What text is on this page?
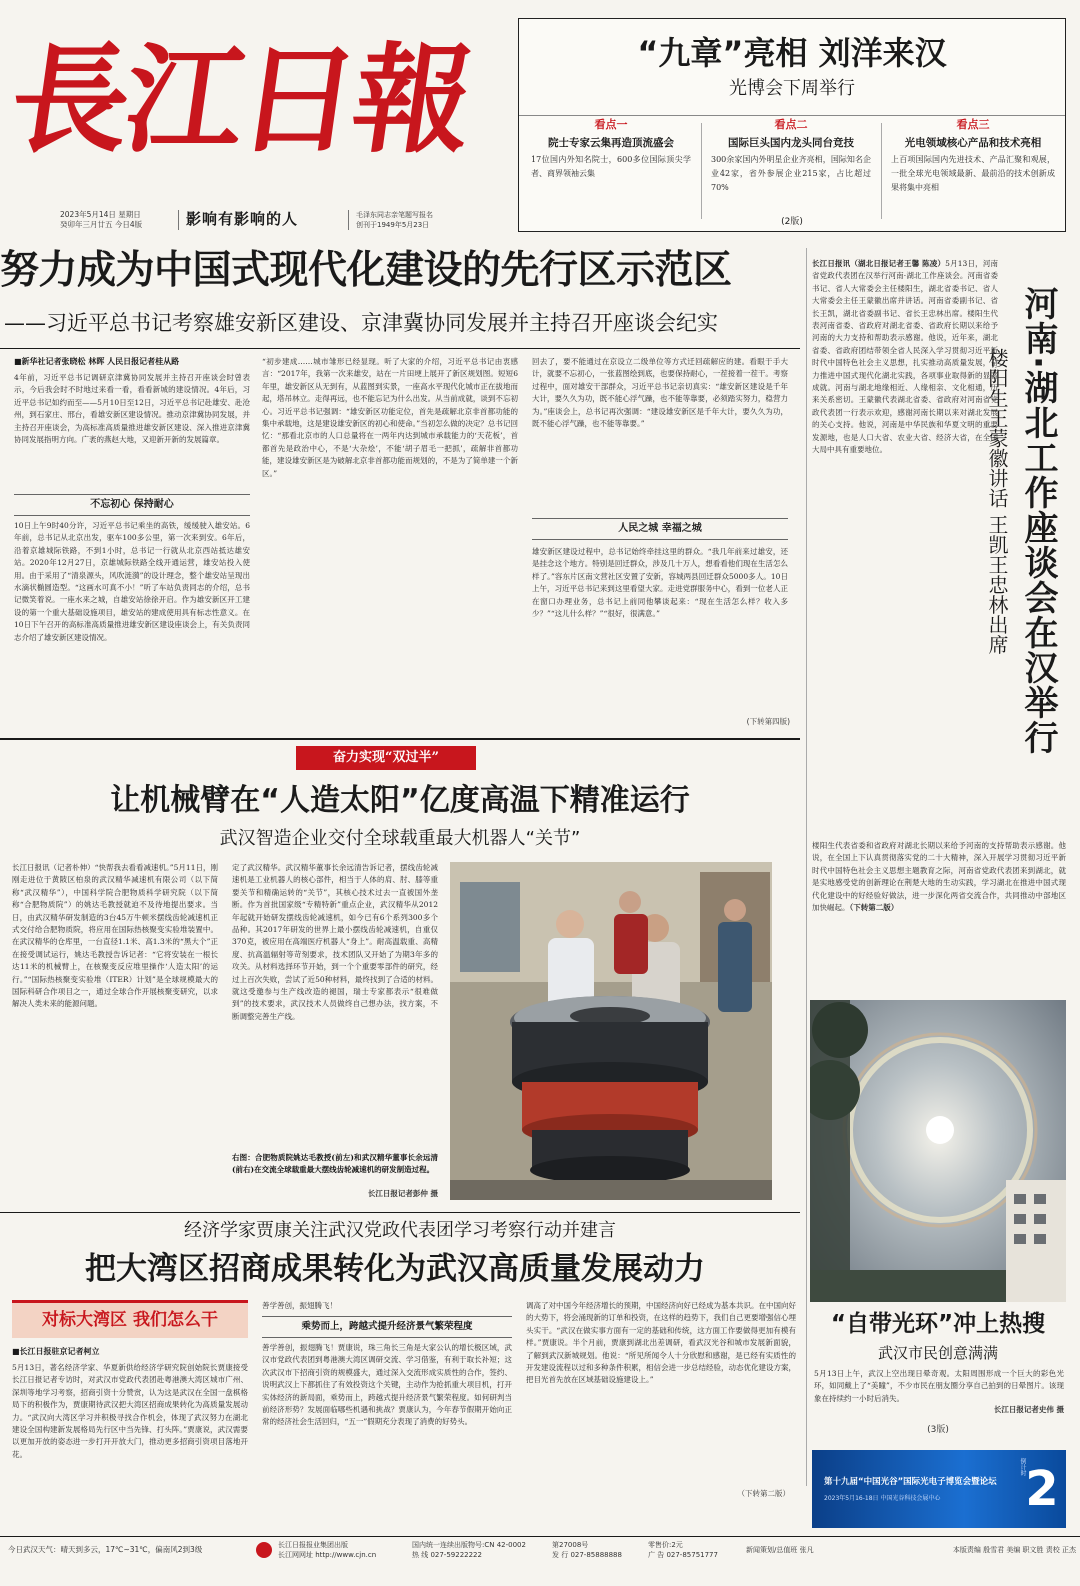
長江日報
2023年5月14日 星期日
癸卯年三月廿五 今日4版	影响有影响的人	毛泽东同志亲笔题写报名
创刊于1949年5月23日
“九章”亮相 刘洋来汉
光博会下周举行
看点一
院士专家云集再造顶流盛会
17位国内外知名院士，600多位国际顶尖学者、商界领袖云集
看点二
国际巨头国内龙头同台竞技
300余家国内外明星企业齐亮相，国际知名企业42家，省外参展企业215家，占比超过70%
看点三
光电领域核心产品和技术亮相
上百项国际国内先进技术、产品汇聚和观展，一批全球光电领域最新、最前沿的技术创新成果将集中亮相
(2版)
努力成为中国式现代化建设的先行区示范区
——习近平总书记考察雄安新区建设、京津冀协同发展并主持召开座谈会纪实
■新华社记者张晓松 林晖 人民日报记者桂从路
4年前，习近平总书记调研京津冀协同发展并主持召开座谈会时曾表示，今后我会时不时地过来看一看，看看新城的建设情况。4年后，习近平总书记如约而至——5月10日至12日，习近平总书记赴雄安、赴沧州，到石家庄、邢台，看雄安新区建设情况。推动京津冀协同发展，并主持召开座谈会，为高标准高质量推进雄安新区建设、深入推进京津冀协同发展指明方向。广袤的燕赵大地，又迎新开新的发展篇章。
不忘初心 保持耐心
10日上午9时40分许，习近平总书记乘坐的高铁，缓缓驶入雄安站。6年前，总书记从北京出发，驱车100多公里，第一次来到安。6年后，沿着京雄城际铁路，不到1小时，总书记一行就从北京西站抵达雄安站。2020年12月27日，京雄城际铁路全线开通运营，雄安站投入使用。由于采用了“清泉源头，风吹涟漪”的设计理念，整个雄安站呈现出水滴状椭圆造型。“这画水可真不小！”听了车站负责同志的介绍，总书记微笑着说。一座水来之城，自雄安站徐徐开启。作为雄安新区开工建设的第一个重大基础设施项目，雄安站的建成使用具有标志性意义。在10日下午召开的高标准高质量推进雄安新区建设座谈会上，有关负责同志介绍了雄安新区建设情况。
“初步建成……城市雏形已经显现。听了大家的介绍，习近平总书记由衷感言：“2017年，我第一次来雄安，站在一片田埂上展开了新区规划图。短短6年里，雄安新区从无到有，从蓝图到实景，一座高水平现代化城市正在拔地而起，塔吊林立。走得再远，也不能忘记为什么出发。从当前成就，谈到不忘初心。习近平总书记强调：“雄安新区功能定位，首先是疏解北京非首都功能的集中承载地，这是建设雄安新区的初心和使命。”当初怎么做的决定？总书记回忆：“那看北京市的人口总量将在一两年内达到城市承载能力的‘天花板’，首都首先是政治中心，不是‘大杂烩’，不能‘胡子眉毛一把抓’，疏解非首都功能，建设雄安新区是为破解北京非首都功能而规划的，不是为了简单建一个新区。”
回去了，要不能通过在京设立二级单位等方式迁回疏解应的建。看眼于手大计，就要不忘初心，一张蓝图绘到底，也要保持耐心，一茬接着一茬干。考察过程中，面对雄安干部群众，习近平总书记亲切真实：“雄安新区建设是千年大计，要久久为功，既不能心浮气躁，也不能等靠要，必须踏实努力，稳营力为。”座谈会上，总书记再次强调：“建设雄安新区是千年大计，要久久为功，既不能心浮气躁，也不能等靠要。”
人民之城 幸福之城
雄安新区建设过程中，总书记始终牵挂这里的群众。“我几年前来过雄安，还是挂念这个地方。特别是回迁群众，涉及几十万人，想看看他们现在生活怎么样了。”容东片区南文营社区安置了安新，容城两县回迁群众5000多人。10日上午，习近平总书记来到这里看望大家。走进党群服务中心，看到一位老人正在窗口办理业务，总书记上前同他攀谈起来：“现在生活怎么样？收入多少？”“这儿什么样？”“很好，很满意。”
(下转第四版)
长江日报讯（湖北日报记者王馨 陈凌）5月13日，河南省党政代表团在汉举行河南·湖北工作座谈会。河南省委书记、省人大常委会主任楼阳生，湖北省委书记、省人大常委会主任王蒙徽出席并讲话。河南省委副书记、省长王凯，湖北省委副书记、省长王忠林出席。楼阳生代表河南省委、省政府对湖北省委、省政府长期以来给予河南的大力支持和帮助表示感谢。他说，近年来，湖北省委、省政府团结带领全省人民深入学习贯彻习近平新时代中国特色社会主义思想，扎实推动高质量发展，奋力推进中国式现代化湖北实践，各项事业取得新的显著成就。河南与湖北地缘相近、人缘相亲、文化相通，历来关系密切。王蒙徽代表湖北省委、省政府对河南省党政代表团一行表示欢迎，感谢河南长期以来对湖北发展的关心支持。他说，河南是中华民族和华夏文明的重要发源地，也是人口大省、农业大省、经济大省，在全国大局中具有重要地位。	河南·湖北工作座谈会在汉举行
楼阳生王蒙徽讲话 王凯王忠林出席
楼阳生代表省委和省政府对湖北长期以来给予河南的支持帮助表示感谢。他说，在全国上下认真贯彻落实党的二十大精神，深入开展学习贯彻习近平新时代中国特色社会主义思想主题教育之际，河南省党政代表团来到湖北，就是实地感受党的创新理论在荆楚大地的生动实践，学习湖北在推进中国式现代化建设中的好经验好做法，进一步深化两省交流合作，共同推动中部地区加快崛起。（下转第二版）
奋力实现“双过半”
让机械臂在“人造太阳”亿度高温下精准运行
武汉智造企业交付全球载重最大机器人“关节”
长江日报讯（记者朴伸）“快帮我去看看减速机。”5月11日，刚刚走进位于黄陂区柏泉的武汉精华减速机有限公司（以下简称“武汉精华”），中国科学院合肥物质科学研究院（以下简称“合肥物质院”）的姚达毛教授就迫不及待地提出要求。当日，由武汉精华研发制造的3台45万牛顿米摆线齿轮减速机正式交付给合肥物质院，将应用在国际热核聚变实验堆装置中。在武汉精华的仓库里，一台直径1.1米、高1.3米的“黑大个”正在接受调试运行，姚达毛教授告诉记者：“它将安装在一根长达11米的机械臂上，在核聚变反应堆里操作‘人造太阳’的运行。”“国际热核聚变实验堆（ITER）计划”是全球规模最大的国际科研合作项目之一，通过全球合作开展核聚变研究，以求解决人类未来的能源问题。
定了武汉精华。武汉精华董事长余远清告诉记者，摆线齿轮减速机是工业机器人的核心部件，相当于人体的肩、肘、膝等重要关节和精确运转的“关节”，其核心技术过去一直被国外垄断。作为首批国家级“专精特新”重点企业，武汉精华从2012年起就开始研发摆线齿轮减速机，如今已有6个系列300多个品种。其2017年研发的世界上最小摆线齿轮减速机，自重仅370克，被应用在高端医疗机器人“身上”。耐高温载重、高精度、抗高温辐射等苛刻要求，技术团队又开始了为期3年多的攻关。从材料选择环节开始，到一个个重要零部件的研究，经过上百次失败，尝试了近50种材料，最终找到了合适的材料。就这受邀参与生产线改造的褪国，瑞士专家都表示“很难做到”的技术要求，武汉技术人员做终自己想办法，找方案，不断调整完善生产线。
右图：合肥物质院姚达毛教授(前左)和武汉精华董事长余远清(前右)在交流全球载重最大摆线齿轮减速机的研发制造过程。
长江日报记者彭仲 摄
经济学家贾康关注武汉党政代表团学习考察行动并建言
把大湾区招商成果转化为武汉高质量发展动力
对标大湾区 我们怎么干
■长江日报驻京记者柯立
5月13日，著名经济学家、华夏新供给经济学研究院创始院长贾康接受长江日报记者专访时，对武汉市党政代表团赴粤港澳大湾区城市广州、深圳等地学习考察，招商引资十分赞赏，认为这是武汉在全国一盘棋格局下的积极作为，贾康期待武汉把大湾区招商成果转化为高质量发展动力。“武汉向大湾区学习并积极寻找合作机会，体现了武汉努力在湖北建设全国构建新发展格局先行区中当先锋、打头阵。”贾康说，武汉需要以更加开放的姿态进一步打开开放大门，推动更多招商引资项目落地开花。
善学善创，振翅腾飞！
乘势而上，跨越式提升经济景气繁荣程度
善学善创，振翅腾飞！贾康说，珠三角长三角是大家公认的增长极区域，武汉市党政代表团到粤港澳大湾区调研交流、学习借鉴，有利于取长补短；这次武汉市下招商引资的规模盛大，通过深入交流形成实质性的合作，签约、说明武汉上下都抓住了有效投资这个关键，主动作为抢抓重大项目机，打开实体经济的新局面，乘势而上，跨越式提升经济景气繁荣程度。如何研判当前经济形势？发展面临哪些机遇和挑战？贾康认为，今年春节假期开始向正常的经济社会生活回归，“五一”假期充分表现了消费的好势头。
调高了对中国今年经济增长的预期，中国经济向好已经成为基本共识。在中国向好的大势下，将会涌现新的订单和投资，在这样的趋势下，我们自己更要增强信心埋头实干。“武汉在做实事方面有一定的基础和传统，这方面工作要做得更加有模有样。”贾康说。半个月前，贾康到湖北出差调研，看武汉光谷和城市发展新面貌，了解到武汉新城规划。他说：“所见所闻令人十分欣慰和感谢，是已经有实质性的开发建设流程以过和多种条件积累，相信会进一步总结经验，动态优化建设方案，把目光首先放在区域基础设施建设上。”
（下转第二版）
“自带光环”冲上热搜
武汉市民创意满满
5月13日上午，武汉上空出现日晕奇观。太阳周围形成一个巨大的彩色光环，如同戴上了“美瞳”，不少市民在朋友圈分享自己拍到的日晕图片。该现象在持续约一小时后消失。
长江日报记者史伟 摄
(3版)
第十九届“中国光谷”国际光电子博览会暨论坛
2023年5月16-18日 中国光谷科技会展中心
倒计时 2
今日武汉天气：晴天到多云，17℃~31℃，偏南风2到3级	长江日报报业集团出版
长江网网址 http://www.cjn.cn
国内统一连续出版物号:CN 42-0002
热 线 027-59222222
第27008号
发 行 027-85888888
零售价:2元
广 告 027-85751777
新闻策划/总值班 张凡	本版责编 殷雪君 美编 职文胜 责校 正杰
